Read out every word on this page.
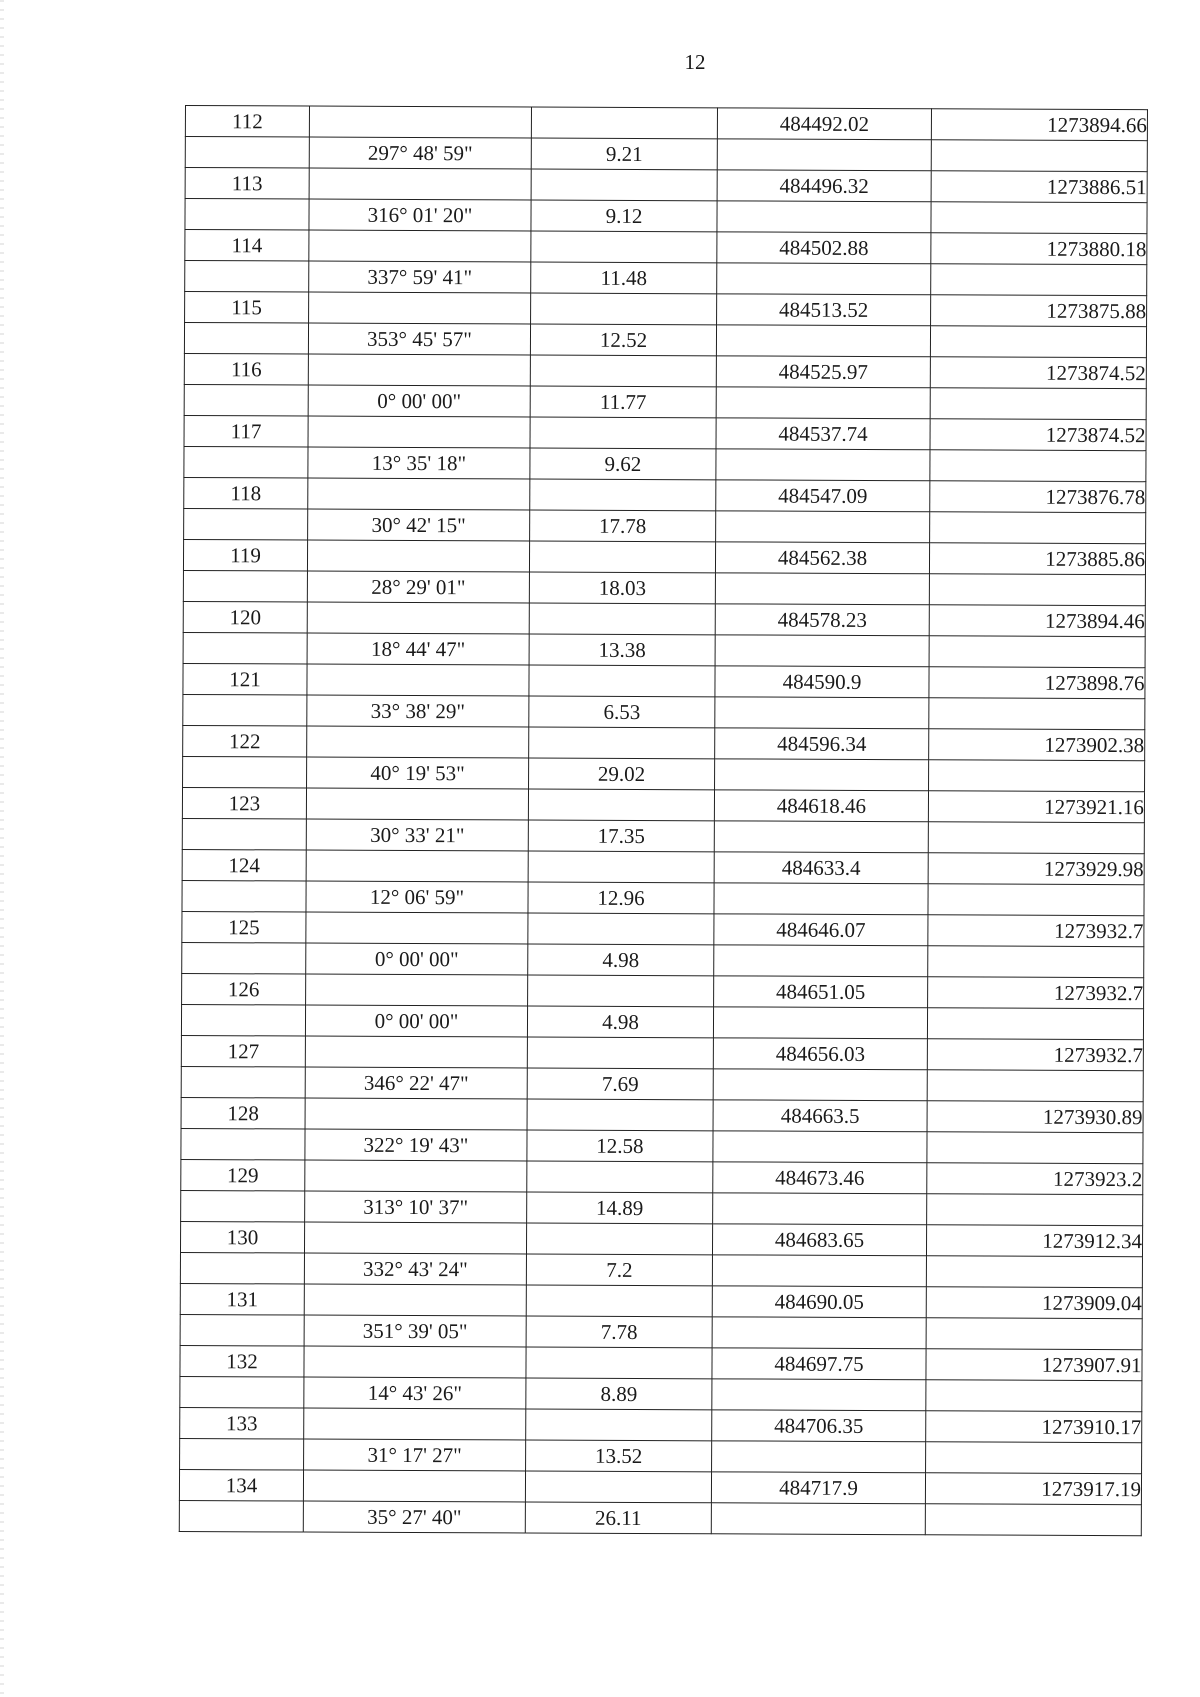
12
112			484492.02	1273894.66
	297° 48' 59"	9.21		
113			484496.32	1273886.51
	316° 01' 20"	9.12		
114			484502.88	1273880.18
	337° 59' 41"	11.48		
115			484513.52	1273875.88
	353° 45' 57"	12.52		
116			484525.97	1273874.52
	0° 00' 00"	11.77		
117			484537.74	1273874.52
	13° 35' 18"	9.62		
118			484547.09	1273876.78
	30° 42' 15"	17.78		
119			484562.38	1273885.86
	28° 29' 01"	18.03		
120			484578.23	1273894.46
	18° 44' 47"	13.38		
121			484590.9	1273898.76
	33° 38' 29"	6.53		
122			484596.34	1273902.38
	40° 19' 53"	29.02		
123			484618.46	1273921.16
	30° 33' 21"	17.35		
124			484633.4	1273929.98
	12° 06' 59"	12.96		
125			484646.07	1273932.7
	0° 00' 00"	4.98		
126			484651.05	1273932.7
	0° 00' 00"	4.98		
127			484656.03	1273932.7
	346° 22' 47"	7.69		
128			484663.5	1273930.89
	322° 19' 43"	12.58		
129			484673.46	1273923.2
	313° 10' 37"	14.89		
130			484683.65	1273912.34
	332° 43' 24"	7.2		
131			484690.05	1273909.04
	351° 39' 05"	7.78		
132			484697.75	1273907.91
	14° 43' 26"	8.89		
133			484706.35	1273910.17
	31° 17' 27"	13.52		
134			484717.9	1273917.19
	35° 27' 40"	26.11		
